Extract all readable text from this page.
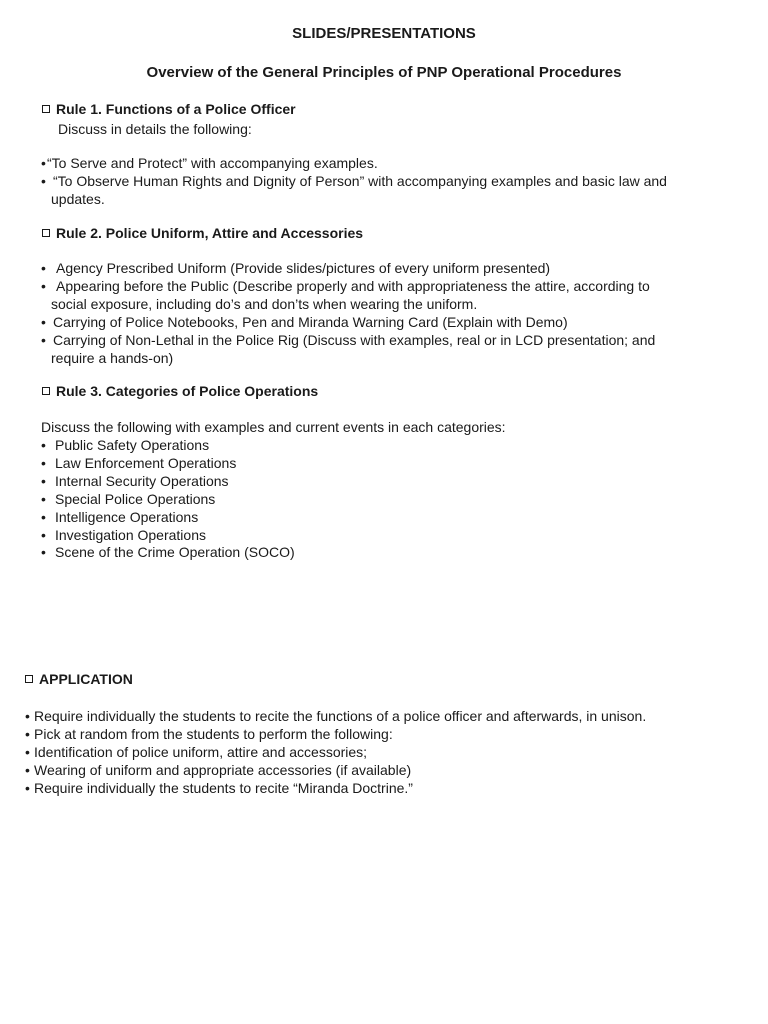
SLIDES/PRESENTATIONS
Overview of the General Principles of PNP Operational Procedures
Rule 1. Functions of a Police Officer
Discuss in details the following:
•“To Serve and Protect” with accompanying examples.
• “To Observe Human Rights and Dignity of Person” with accompanying examples and basic law and
updates.
Rule 2. Police Uniform, Attire and Accessories
• Agency Prescribed Uniform (Provide slides/pictures of every uniform presented)
• Appearing before the Public (Describe properly and with appropriateness the attire, according to
social exposure, including do’s and don’ts when wearing the uniform.
• Carrying of Police Notebooks, Pen and Miranda Warning Card (Explain with Demo)
• Carrying of Non-Lethal in the Police Rig (Discuss with examples, real or in LCD presentation; and
require a hands-on)
Rule 3. Categories of Police Operations
Discuss the following with examples and current events in each categories:
• Public Safety Operations
• Law Enforcement Operations
• Internal Security Operations
• Special Police Operations
• Intelligence Operations
• Investigation Operations
• Scene of the Crime Operation (SOCO)
APPLICATION
• Require individually the students to recite the functions of a police officer and afterwards, in unison.
• Pick at random from the students to perform the following:
• Identification of police uniform, attire and accessories;
• Wearing of uniform and appropriate accessories (if available)
• Require individually the students to recite “Miranda Doctrine.”
